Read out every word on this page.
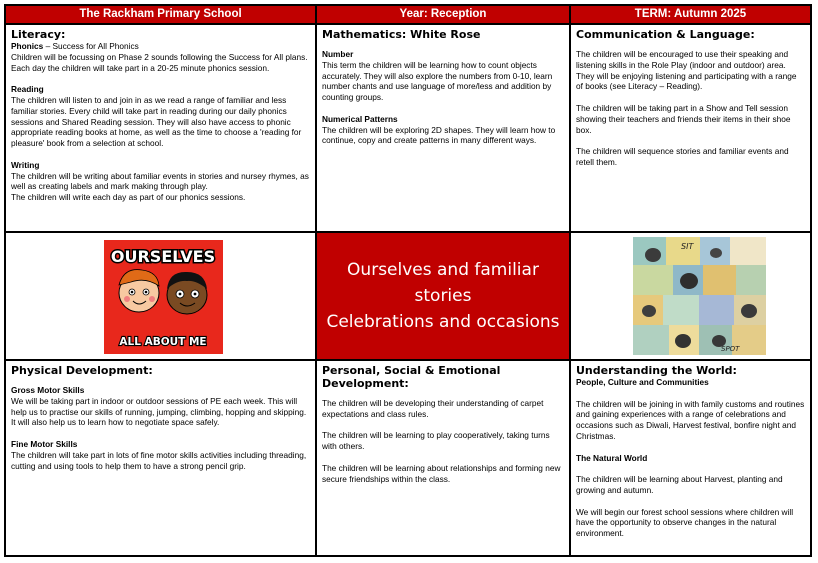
The Rackham Primary School	Year: Reception	TERM: Autumn 2025

Literacy:

Phonics – Success for All Phonics

Children will be focussing on Phase 2 sounds following the Success for All plans. Each day the children will take part in a 20-25 minute phonics session.

Reading

The children will listen to and join in as we read a range of familiar and less familiar stories. Every child will take part in reading during our daily phonics sessions and Shared Reading session. They will also have access to phonic appropriate reading books at home, as well as the time to choose a 'reading for pleasure' book from a selection at school.

Writing

The children will be writing about familiar events in stories and nursey rhymes, as well as creating labels and mark making through play.

The children will write each day as part of our phonics sessions.

Mathematics: White Rose

Number

This term the children will be learning how to count objects accurately. They will also explore the numbers from 0-10, learn number chants and use language of more/less and addition by counting groups.

Numerical Patterns

The children will be exploring 2D shapes. They will learn how to continue, copy and create patterns in many different ways.

Communication & Language:

The children will be encouraged to use their speaking and listening skills in the Role Play (indoor and outdoor) area. They will be enjoying listening and participating with a range of books (see Literacy – Reading).

The children will be taking part in a Show and Tell session showing their teachers and friends their items in their shoe box.

The children will sequence stories and familiar events and retell them.

OURSELVES
ALL ABOUT ME
Ourselves and familiar
stories
Celebrations and occasions
SIT
SPOT

Physical Development:

Gross Motor Skills

We will be taking part in indoor or outdoor sessions of PE each week. This will help us to practise our skills of running, jumping, climbing, hopping and skipping. It will also help us to learn how to negotiate space safely.

Fine Motor Skills

The children will take part in lots of fine motor skills activities including threading, cutting and using tools to help them to have a strong pencil grip.

Personal, Social & Emotional

Development:

The children will be developing their understanding of carpet expectations and class rules.

The children will be learning to play cooperatively, taking turns with others.

The children will be learning about relationships and forming new secure friendships within the class.

Understanding the World:

People, Culture and Communities

The children will be joining in with family customs and routines and gaining experiences with a range of celebrations and occasions such as Diwali, Harvest festival, bonfire night and Christmas.

The Natural World

The children will be learning about Harvest, planting and growing and autumn.

We will begin our forest school sessions where children will have the opportunity to observe changes in the natural environment.
